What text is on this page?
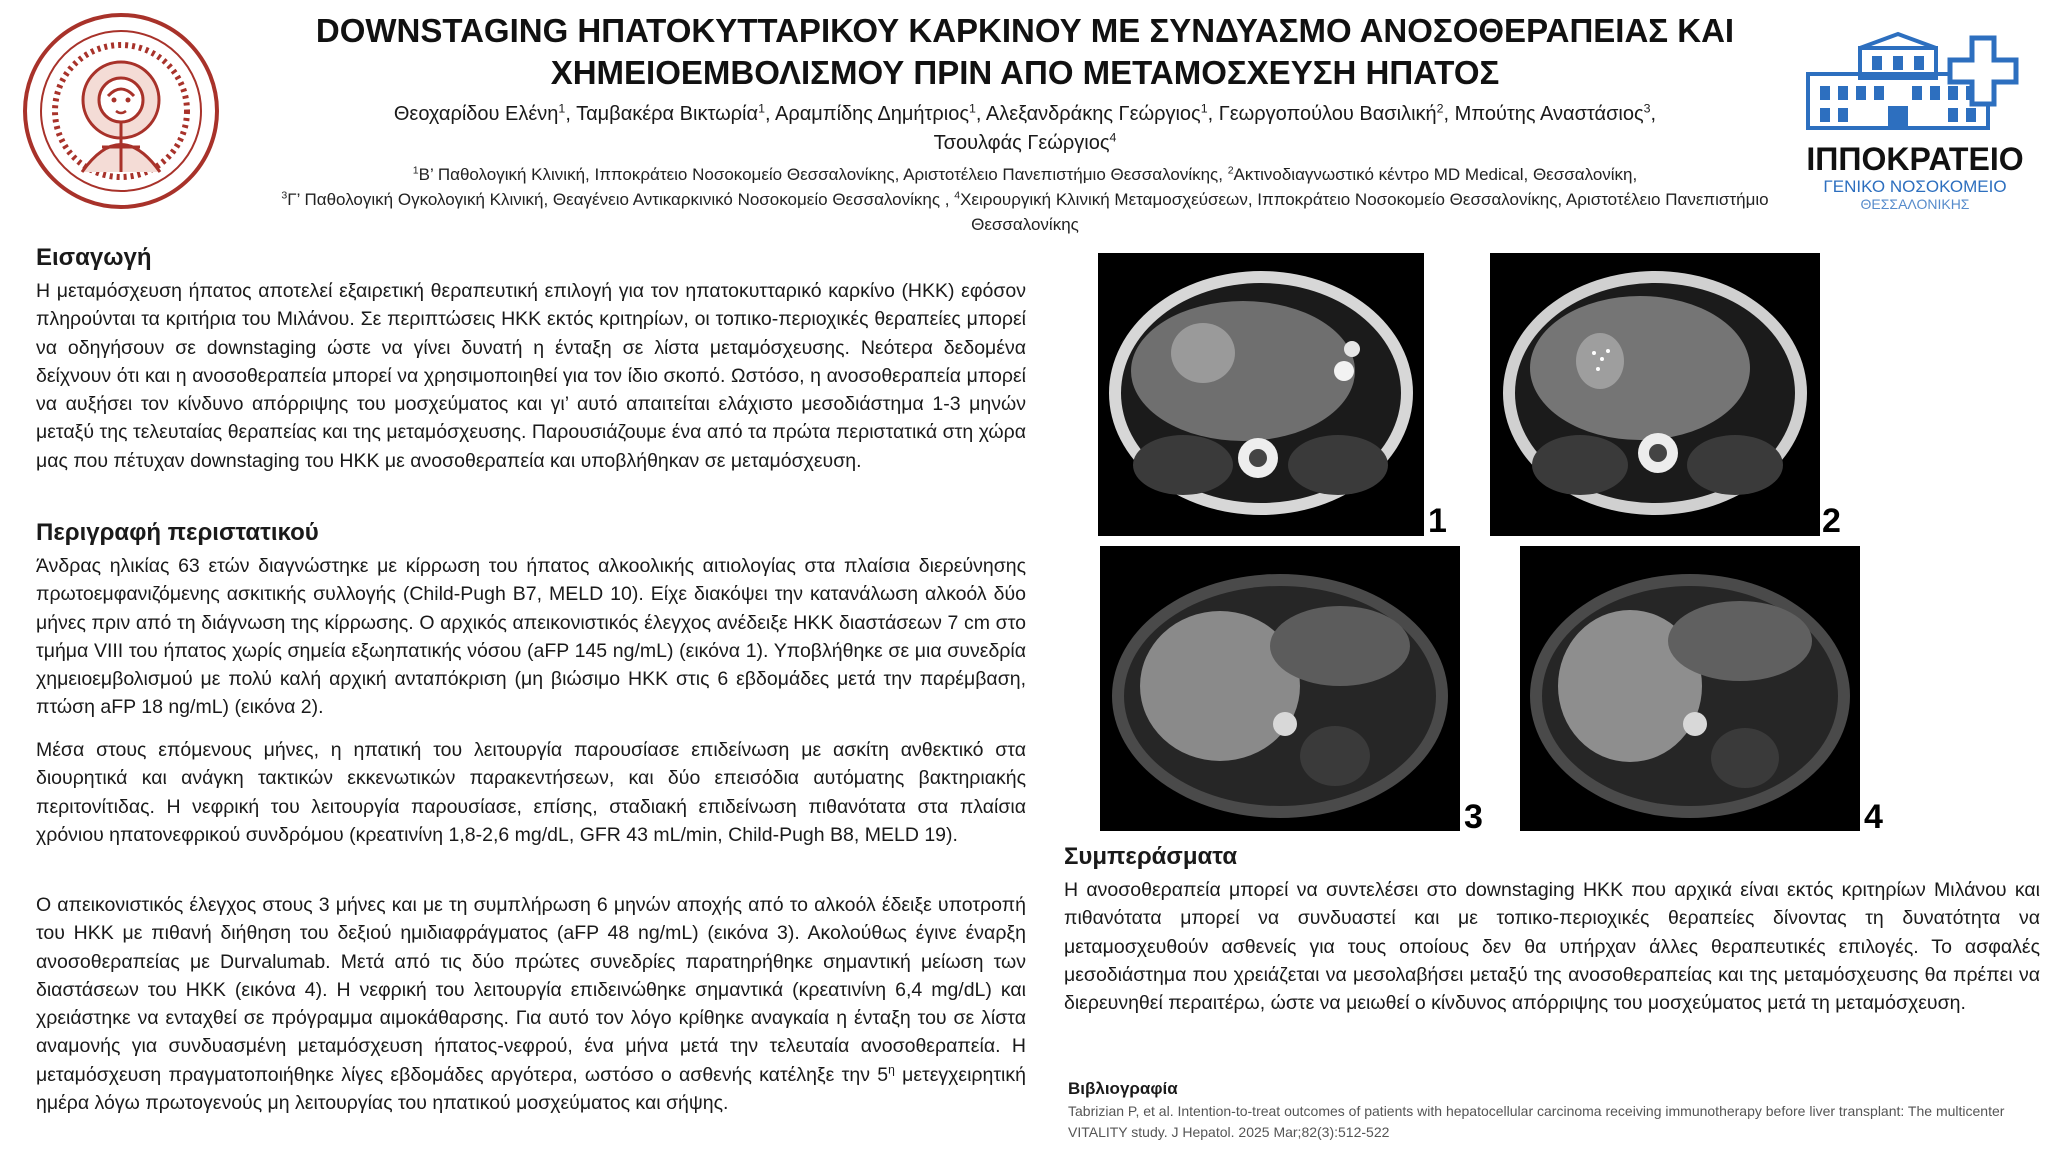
ΙΠΠΟΚΡΑΤΕΙΟ
ΓΕΝΙΚΟ ΝΟΣΟΚΟΜΕΙΟ
ΘΕΣΣΑΛΟΝΙΚΗΣ
DOWNSTAGING ΗΠΑΤΟΚΥΤΤΑΡΙΚΟΥ ΚΑΡΚΙΝΟΥ ΜΕ ΣΥΝΔΥΑΣΜΟ ΑΝΟΣΟΘΕΡΑΠΕΙΑΣ ΚΑΙ ΧΗΜΕΙΟΕΜΒΟΛΙΣΜΟΥ ΠΡΙΝ ΑΠΟ ΜΕΤΑΜΟΣΧΕΥΣΗ ΗΠΑΤΟΣ
Θεοχαρίδου Ελένη$^1$, Ταμβακέρα Βικτωρία$^1$, Αραμπίδης Δημήτριος$^1$, Αλεξανδράκης Γεώργιος$^1$, Γεωργοπούλου Βασιλική$^2$, Μπούτης Αναστάσιος$^3$,
Τσουλφάς Γεώργιος$^4$
$^1$Β’ Παθολογική Κλινική, Ιπποκράτειο Νοσοκομείο Θεσσαλονίκης, Αριστοτέλειο Πανεπιστήμιο Θεσσαλονίκης, $^2$Ακτινοδιαγνωστικό κέντρο MD Medical, Θεσσαλονίκη,
$^3$Γ’ Παθολογική Ογκολογική Κλινική, Θεαγένειο Αντικαρκινικό Νοσοκομείο Θεσσαλονίκης , $^4$Χειρουργική Κλινική Μεταμοσχεύσεων, Ιπποκράτειο Νοσοκομείο Θεσσαλονίκης, Αριστοτέλειο Πανεπιστήμιο Θεσσαλονίκης
Εισαγωγή
Η μεταμόσχευση ήπατος αποτελεί εξαιρετική θεραπευτική επιλογή για τον ηπατοκυτταρικό καρκίνο (ΗΚΚ) εφόσον πληρούνται τα κριτήρια του Μιλάνου. Σε περιπτώσεις ΗΚΚ εκτός κριτηρίων, οι τοπικο-περιοχικές θεραπείες μπορεί να οδηγήσουν σε downstaging ώστε να γίνει δυνατή η ένταξη σε λίστα μεταμόσχευσης. Νεότερα δεδομένα δείχνουν ότι και η ανοσοθεραπεία μπορεί να χρησιμοποιηθεί για τον ίδιο σκοπό. Ωστόσο, η ανοσοθεραπεία μπορεί να αυξήσει τον κίνδυνο απόρριψης του μοσχεύματος και γι’ αυτό απαιτείται ελάχιστο μεσοδιάστημα 1-3 μηνών μεταξύ της τελευταίας θεραπείας και της μεταμόσχευσης. Παρουσιάζουμε ένα από τα πρώτα περιστατικά στη χώρα μας που πέτυχαν downstaging του ΗΚΚ με ανοσοθεραπεία και υποβλήθηκαν σε μεταμόσχευση.
Περιγραφή περιστατικού
Άνδρας ηλικίας 63 ετών διαγνώστηκε με κίρρωση του ήπατος αλκοολικής αιτιολογίας στα πλαίσια διερεύνησης πρωτοεμφανιζόμενης ασκιτικής συλλογής (Child-Pugh B7, MELD 10). Είχε διακόψει την κατανάλωση αλκοόλ δύο μήνες πριν από τη διάγνωση της κίρρωσης. Ο αρχικός απεικονιστικός έλεγχος ανέδειξε ΗΚΚ διαστάσεων 7 cm στο τμήμα VIII του ήπατος χωρίς σημεία εξωηπατικής νόσου (aFP 145 ng/mL) (εικόνα 1). Υποβλήθηκε σε μια συνεδρία χημειοεμβολισμού με πολύ καλή αρχική ανταπόκριση (μη βιώσιμο ΗΚΚ στις 6 εβδομάδες μετά την παρέμβαση, πτώση aFP 18 ng/mL) (εικόνα 2).
Μέσα στους επόμενους μήνες, η ηπατική του λειτουργία παρουσίασε επιδείνωση με ασκίτη ανθεκτικό στα διουρητικά και ανάγκη τακτικών εκκενωτικών παρακεντήσεων, και δύο επεισόδια αυτόματης βακτηριακής περιτονίτιδας. Η νεφρική του λειτουργία παρουσίασε, επίσης, σταδιακή επιδείνωση πιθανότατα στα πλαίσια χρόνιου ηπατονεφρικού συνδρόμου (κρεατινίνη 1,8-2,6 mg/dL, GFR 43 mL/min, Child-Pugh B8, MELD 19).
Ο απεικονιστικός έλεγχος στους 3 μήνες και με τη συμπλήρωση 6 μηνών αποχής από το αλκοόλ έδειξε υποτροπή του ΗΚΚ με πιθανή διήθηση του δεξιού ημιδιαφράγματος (aFP 48 ng/mL) (εικόνα 3). Ακολούθως έγινε έναρξη ανοσοθεραπείας με Durvalumab. Μετά από τις δύο πρώτες συνεδρίες παρατηρήθηκε σημαντική μείωση των διαστάσεων του ΗΚΚ (εικόνα 4). Η νεφρική του λειτουργία επιδεινώθηκε σημαντικά (κρεατινίνη 6,4 mg/dL) και χρειάστηκε να ενταχθεί σε πρόγραμμα αιμοκάθαρσης. Για αυτό τον λόγο κρίθηκε αναγκαία η ένταξη του σε λίστα αναμονής για συνδυασμένη μεταμόσχευση ήπατος-νεφρού, ένα μήνα μετά την τελευταία ανοσοθεραπεία. Η μεταμόσχευση πραγματοποιήθηκε λίγες εβδομάδες αργότερα, ωστόσο ο ασθενής κατέληξε την $5^\eta$ μετεγχειρητική ημέρα λόγω πρωτογενούς μη λειτουργίας του ηπατικού μοσχεύματος και σήψης.
1	2
3	4
Συμπεράσματα
Η ανοσοθεραπεία μπορεί να συντελέσει στο downstaging ΗΚΚ που αρχικά είναι εκτός κριτηρίων Μιλάνου και πιθανότατα μπορεί να συνδυαστεί και με τοπικο-περιοχικές θεραπείες δίνοντας τη δυνατότητα να μεταμοσχευθούν ασθενείς για τους οποίους δεν θα υπήρχαν άλλες θεραπευτικές επιλογές. Το ασφαλές μεσοδιάστημα που χρειάζεται να μεσολαβήσει μεταξύ της ανοσοθεραπείας και της μεταμόσχευσης θα πρέπει να διερευνηθεί περαιτέρω, ώστε να μειωθεί ο κίνδυνος απόρριψης του μοσχεύματος μετά τη μεταμόσχευση.
Βιβλιογραφία
Tabrizian P, et al. Intention-to-treat outcomes of patients with hepatocellular carcinoma receiving immunotherapy before liver transplant: The multicenter VITALITY study. J Hepatol. 2025 Mar;82(3):512-522
